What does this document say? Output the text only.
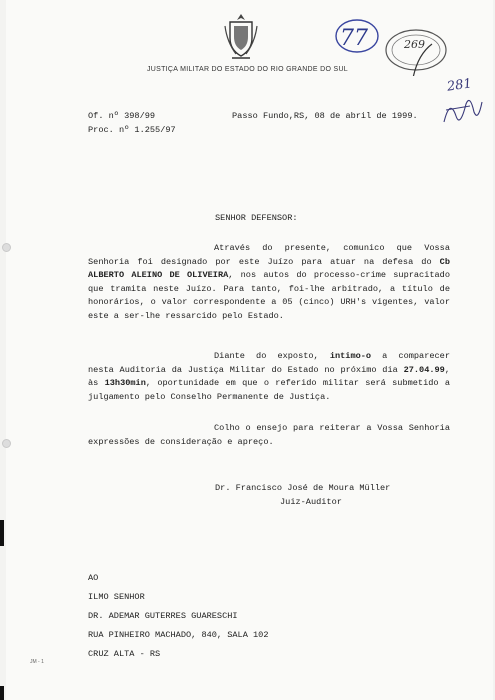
JUSTIÇA MILITAR DO ESTADO DO RIO GRANDE DO SUL
77	269
281
Of. nº 398/99
Proc. nº 1.255/97
Passo Fundo,RS, 08 de abril de 1999.
SENHOR DEFENSOR:
Através do presente, comunico que Vossa Senhoria foi designado por este Juízo para atuar na defesa do Cb ALBERTO ALEINO DE OLIVEIRA, nos autos do processo-crime supracitado que tramita neste Juízo. Para tanto, foi-lhe arbitrado, a título de honorários, o valor correspondente a 05 (cinco) URH's vigentes, valor este a ser-lhe ressarcido pelo Estado.
Diante do exposto, intimo-o a comparecer nesta Auditoria da Justiça Militar do Estado no próximo dia 27.04.99, às 13h30min, oportunidade em que o referido militar será submetido a julgamento pelo Conselho Permanente de Justiça.
Colho o ensejo para reiterar a Vossa Senhoria expressões de consideração e apreço.
Dr. Francisco José de Moura Müller
Juiz-Auditor
AO
ILMO SENHOR
DR. ADEMAR GUTERRES GUARESCHI
RUA PINHEIRO MACHADO, 840, SALA 102
CRUZ ALTA - RS
JM - 1
